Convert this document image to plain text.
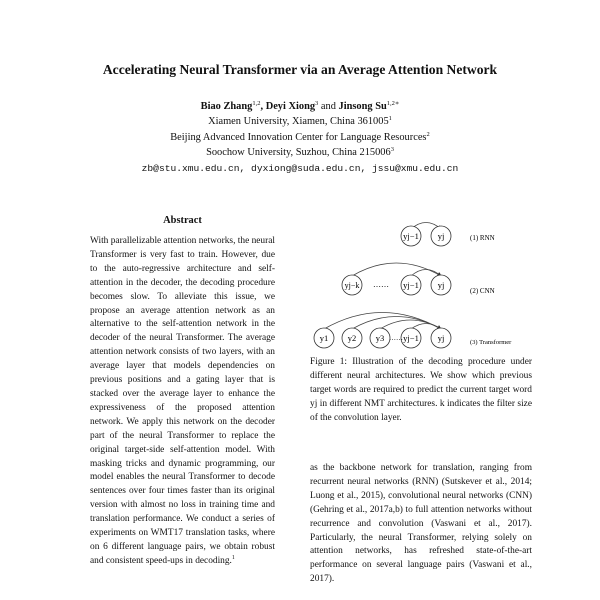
Accelerating Neural Transformer via an Average Attention Network
Biao Zhang$^{1,2}$, Deyi Xiong$^3$ and Jinsong $Su^{1,2∗}$
Xiamen University, Xiamen, China 361005$^1$
Beijing Advanced Innovation Center for Language Resources$^2$
Soochow University, Suzhou, China 215006$^3$
zb@stu.xmu.edu.cn, dyxiong@suda.edu.cn, jssu@xmu.edu.cn
Abstract
With parallelizable attention networks, the neural Transformer is very fast to train. However, due to the auto-regressive architecture and self-attention in the decoder, the decoding procedure becomes slow. To alleviate this issue, we propose an average attention network as an alternative to the self-attention network in the decoder of the neural Transformer. The average attention network consists of two layers, with an average layer that models dependencies on previous positions and a gating layer that is stacked over the average layer to enhance the expressiveness of the proposed attention network. We apply this network on the decoder part of the neural Transformer to replace the original target-side self-attention model. With masking tricks and dynamic programming, our model enables the neural Transformer to decode sentences over four times faster than its original version with almost no loss in training time and translation performance. We conduct a series of experiments on WMT17 translation tasks, where on 6 different language pairs, we obtain robust and consistent speed-ups in decoding.$^1$
yj−1 yj	(1) RNN
yj−k …… yj−1 yj
(2) CNN
y1 y2 y3 …… yj−1 yj	(3) Transformer
Figure 1: Illustration of the decoding procedure under different neural architectures. We show which previous target words are required to predict the current target word yj in different NMT architectures. k indicates the filter size of the convolution layer.
as the backbone network for translation, ranging from recurrent neural networks (RNN) (Sutskever et al., 2014; Luong et al., 2015), convolutional neural networks (CNN) (Gehring et al., 2017a,b) to full attention networks without recurrence and convolution (Vaswani et al., 2017). Particularly, the neural Transformer, relying solely on attention networks, has refreshed state-of-the-art performance on several language pairs (Vaswani et al., 2017).
